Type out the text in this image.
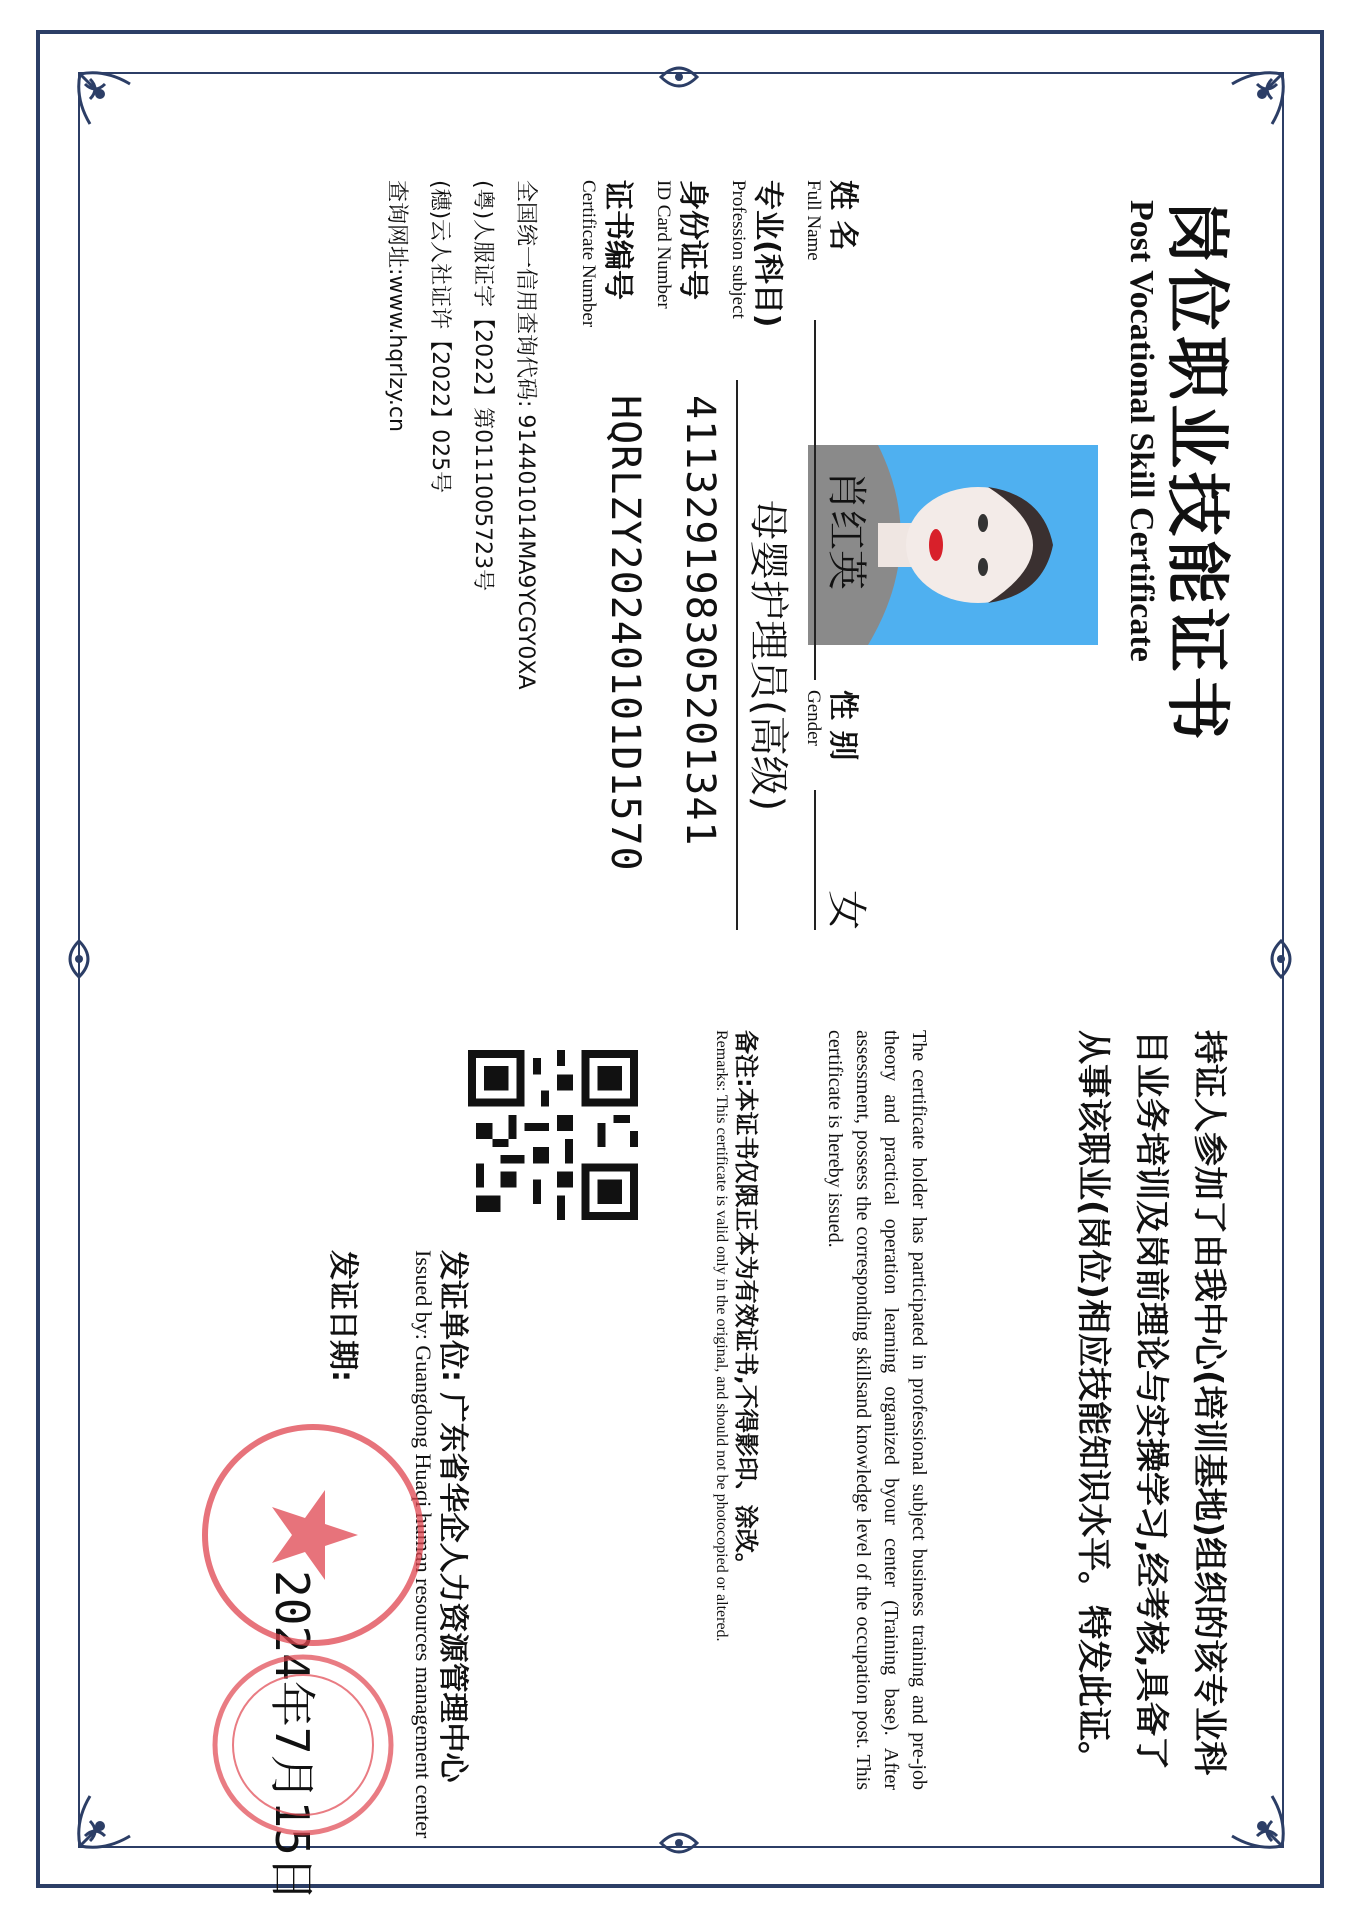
岗位职业技能证书
Post Vocational Skill Certificate
姓 名
Full Name
肖红英
性 别
Gender
女
专业(科目)
Profession subject
母婴护理员(高级)
身份证号
ID Card Number
411329198305201341
证书编号
Certificate Number
HQRLZY20240101D1570
全国统一信用查询代码: 914401014MA9YCGY0XA
(粤)人服证字【2022】第0111005723号
(穗)云人社证许【2022】025号
查询网址:www.hqrlzy.cn
持证人参加了由我中心(培训基地)组织的该专业科目业务培训及岗前理论与实操学习,经考核,具备了从事该职业(岗位)相应技能知识水平。特发此证。
The certificate holder has participated in professional subject business training and pre-job theory and practical operation learning organized byour center (Training base). After assessment, possess the corresponding skillsand knowledge level of the occupation post. This certificate is hereby issued.
备注:本证书仅限正本为有效证书,不得影印、涂改。
Remarks: This certificate is valid only in the original, and should not be photocopied or altered.
发证单位: 广东省华企人力资源管理中心
Issued by: Guangdong Huaqi human resources management center
发证日期:
2024年7月15日
